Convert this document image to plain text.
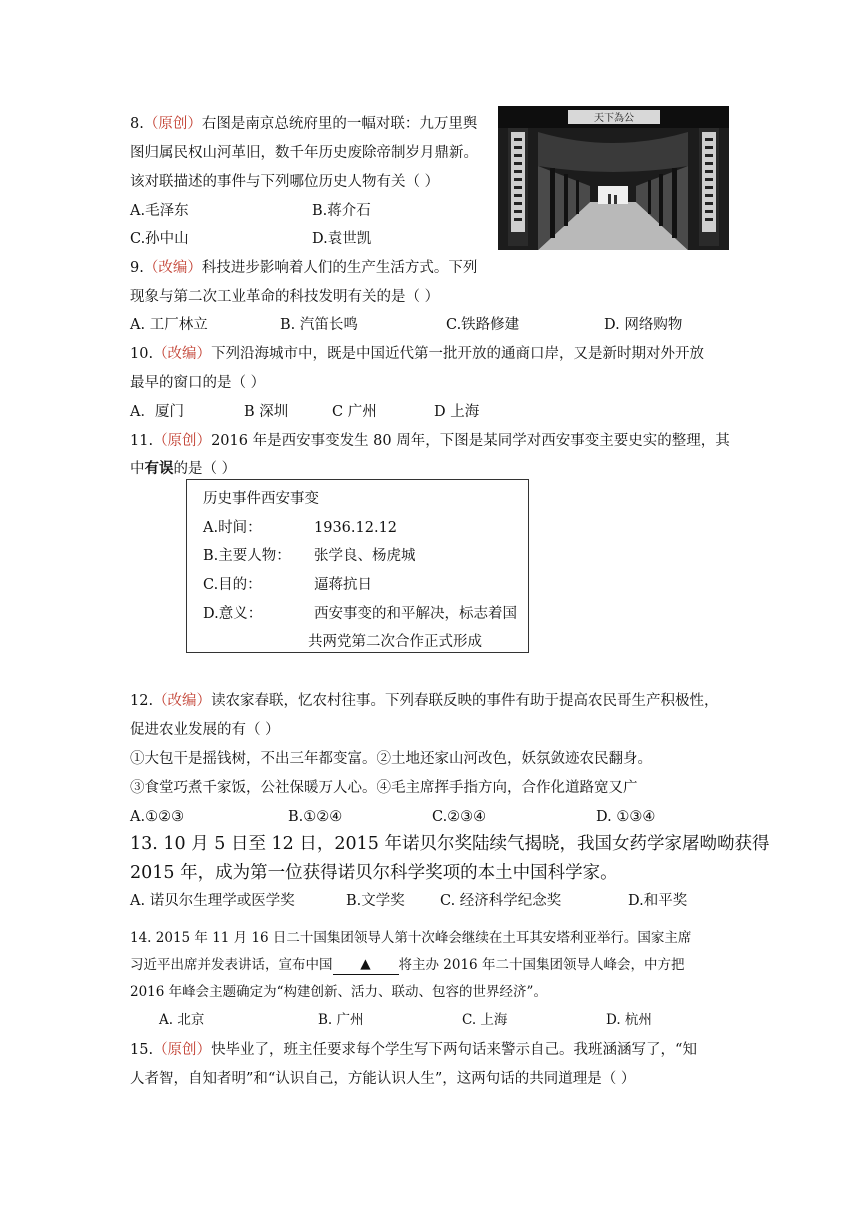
8.（原创）右图是南京总统府里的一幅对联：九万里舆
图归属民权山河革旧，数千年历史废除帝制岁月鼎新。
该对联描述的事件与下列哪位历史人物有关（ ）
A.毛泽东	B.蒋介石
C.孙中山	D.袁世凯
天下為公
9.（改编）科技进步影响着人们的生产生活方式。下列
现象与第二次工业革命的科技发明有关的是（ ）
A. 工厂林立	B. 汽笛长鸣	C.铁路修建	D. 网络购物
10.（改编）下列沿海城市中，既是中国近代第一批开放的通商口岸，又是新时期对外开放
最早的窗口的是（ ）
A．厦门	B 深圳	C 广州	D 上海
11.（原创）2016 年是西安事变发生 80 周年，下图是某同学对西安事变主要史实的整理，其
中有误的是（ ）
历史事件西安事变
A.时间：	1936.12.12
B.主要人物： 张学良、杨虎城
C.目的：	逼蒋抗日
D.意义：	西安事变的和平解决，标志着国
共两党第二次合作正式形成
12.（改编）读农家春联，忆农村往事。下列春联反映的事件有助于提高农民哥生产积极性，
促进农业发展的有（ ）
①大包干是摇钱树，不出三年都变富。②土地还家山河改色，妖氛敛迹农民翻身。
③食堂巧煮千家饭，公社保暖万人心。④毛主席挥手指方向，合作化道路宽又广
A.①②③	B.①②④	C.②③④	D. ①③④
13. 10 月 5 日至 12 日，2015 年诺贝尔奖陆续气揭晓，我国女药学家屠呦呦获得
2015 年，成为第一位获得诺贝尔科学奖项的本土中国科学家。
A. 诺贝尔生理学或医学奖	B.文学奖 C. 经济科学纪念奖	D.和平奖
14. 2015 年 11 月 16 日二十国集团领导人第十次峰会继续在土耳其安塔利亚举行。国家主席
习近平出席并发表讲话，宣布中国 ▲ 将主办 2016 年二十国集团领导人峰会，中方把
2016 年峰会主题确定为“构建创新、活力、联动、包容的世界经济”。
A. 北京	B. 广州	C. 上海	D. 杭州
15.（原创）快毕业了，班主任要求每个学生写下两句话来警示自己。我班涵涵写了，“知
人者智，自知者明”和“认识自己，方能认识人生”，这两句话的共同道理是（ ）
